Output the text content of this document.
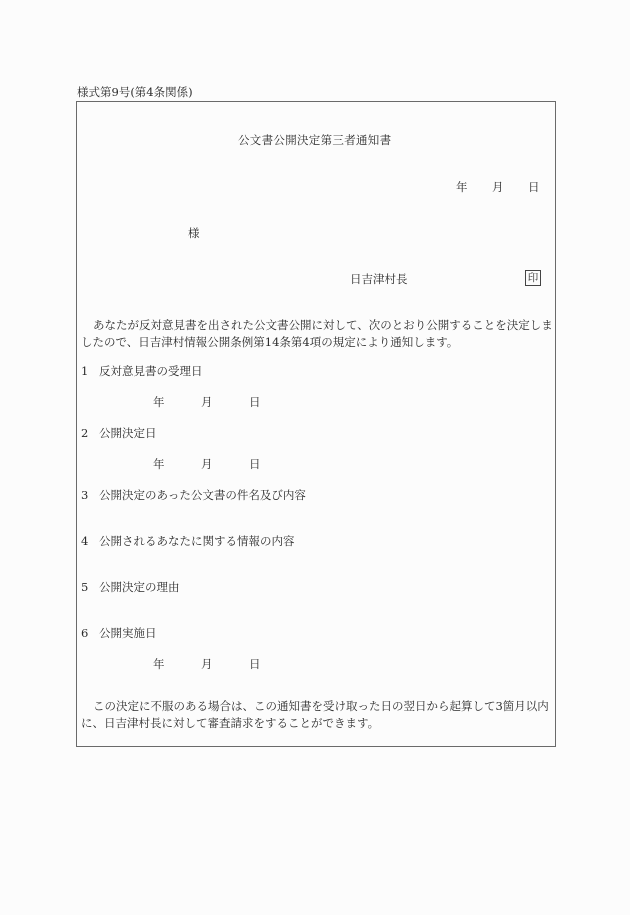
様式第9号(第4条関係)
公文書公開決定第三者通知書
年 月 日
様
日吉津村長	印
あなたが反対意見書を出された公文書公開に対して、次のとおり公開することを決定しましたので、日吉津村情報公開条例第14条第4項の規定により通知します。
1 反対意見書の受理日
年	月	日
2 公開決定日
年	月	日
3 公開決定のあった公文書の件名及び内容
4 公開されるあなたに関する情報の内容
5 公開決定の理由
6 公開実施日
年	月	日
この決定に不服のある場合は、この通知書を受け取った日の翌日から起算して3箇月以内に、日吉津村長に対して審査請求をすることができます。
